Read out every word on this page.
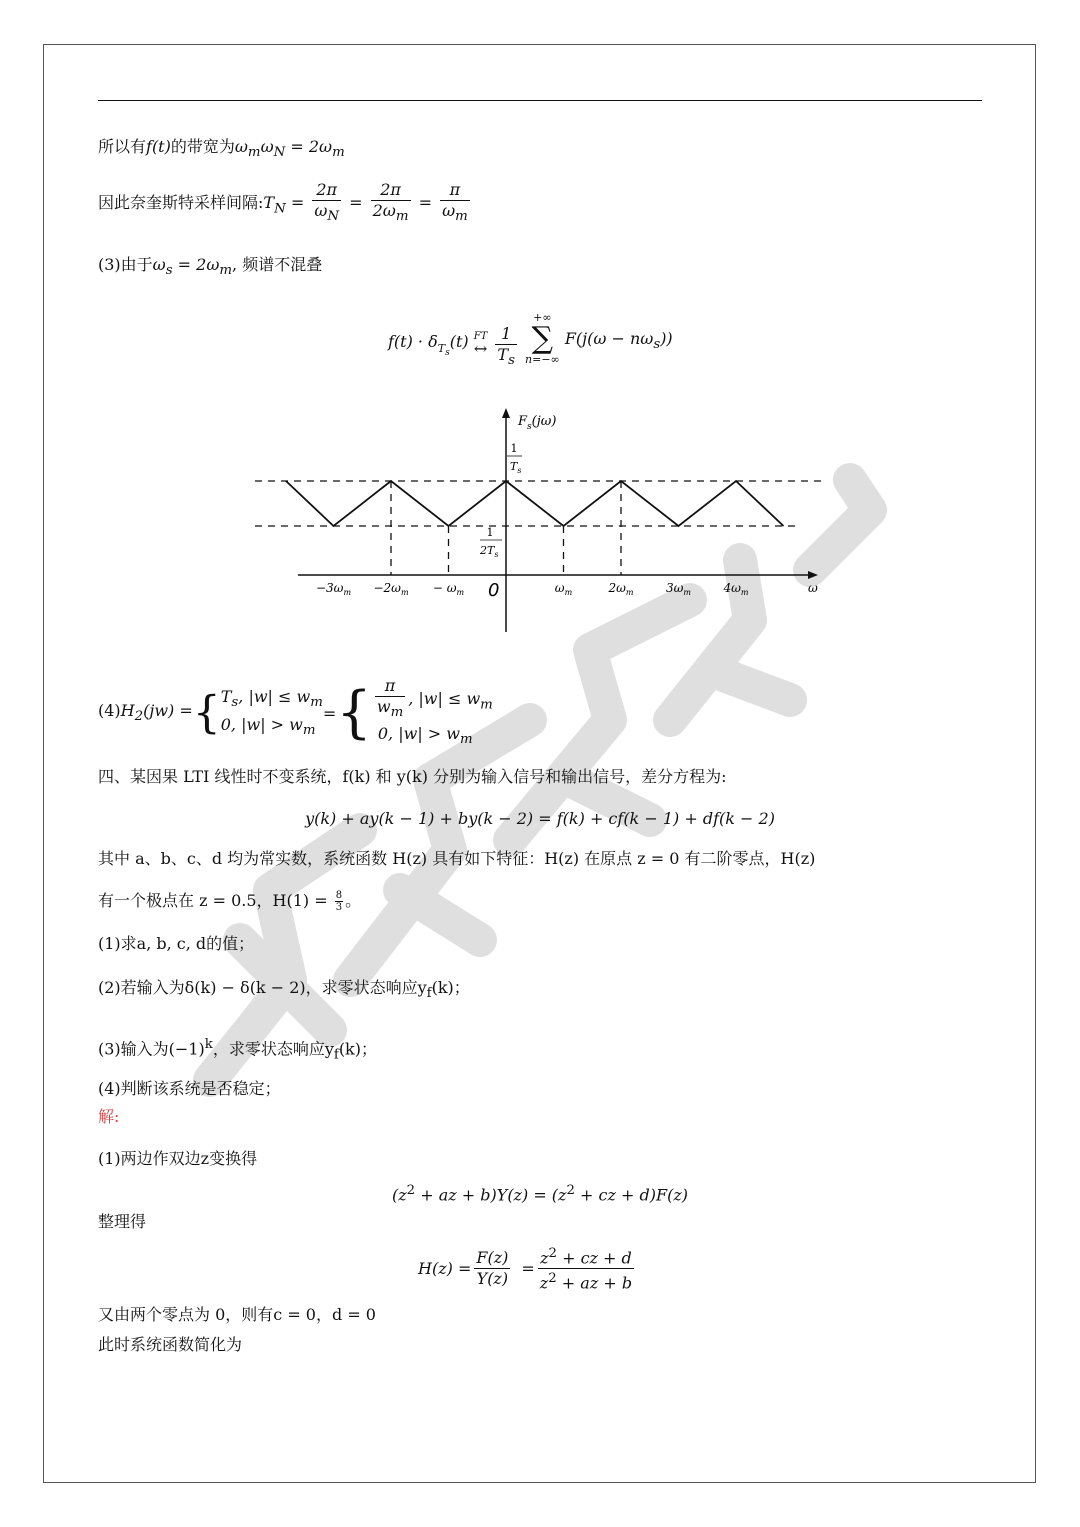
所以有f(t)的带宽为$\omega_m\omega_N = 2\omega_m$
因此奈奎斯特采样间隔$:T_N = \frac{2\pi}{\omega_N} = \frac{2\pi}{2\omega_m} = \frac{\pi}{\omega_m}$
(3)由于$\omega_s = 2\omega_m$, 频谱不混叠
$f(t) \cdot \delta_{T_s}(t)$ FT
↔
$\frac{1}{T_s}$

+∞
∑
n=−∞
$F(j(\omega - n\omega_s))$
$-3\omega_m -2\omega_m - \omega_m$	$\omega_m$	$2\omega_m$	$3\omega_m$	$4\omega_m$
$F_s(j\omega)$
1
$T_s$
1
$2T_s$
0	ω
$(4)H_2(jw)$ ={ $T_s$, $|w| \le w_m$
0, $|w| > w_m$
={ $\frac{\pi}{w_m}$ , $|w| \le w_m$
0, $|w| > w_m$
四、某因果 LTI 线性时不变系统，f(k) 和 y(k) 分别为输入信号和输出信号，差分方程为:
y(k) + ay(k − 1) + by(k − 2) = f(k) + cf(k − 1) + df(k − 2)
其中 a、b、c、d 均为常实数，系统函数 H(z) 具有如下特征：H(z) 在原点 z = 0 有二阶零点，H(z)
有一个极点在 z = 0.5，$H(1) = \frac{8}{3}$ 。
(1)求a, b, c, d的值；
(2)若输入为δ(k) − δ(k − 2)，求零状态响应$y_f(k)$；
(3)输入为$(-1)^k$，求零状态响应$y_f(k)$；
(4)判断该系统是否稳定；
解:
(1)两边作双边z变换得
($z^2$ + az + $b)Y(z) = (z^2$ + cz + d)F(z)
整理得
$H(z) = \frac{F(z)}{Y(z)} = \frac{z^2 + cz + d}{z^2 + az + b}$
又由两个零点为 0，则有c = 0，d = 0
此时系统函数简化为
